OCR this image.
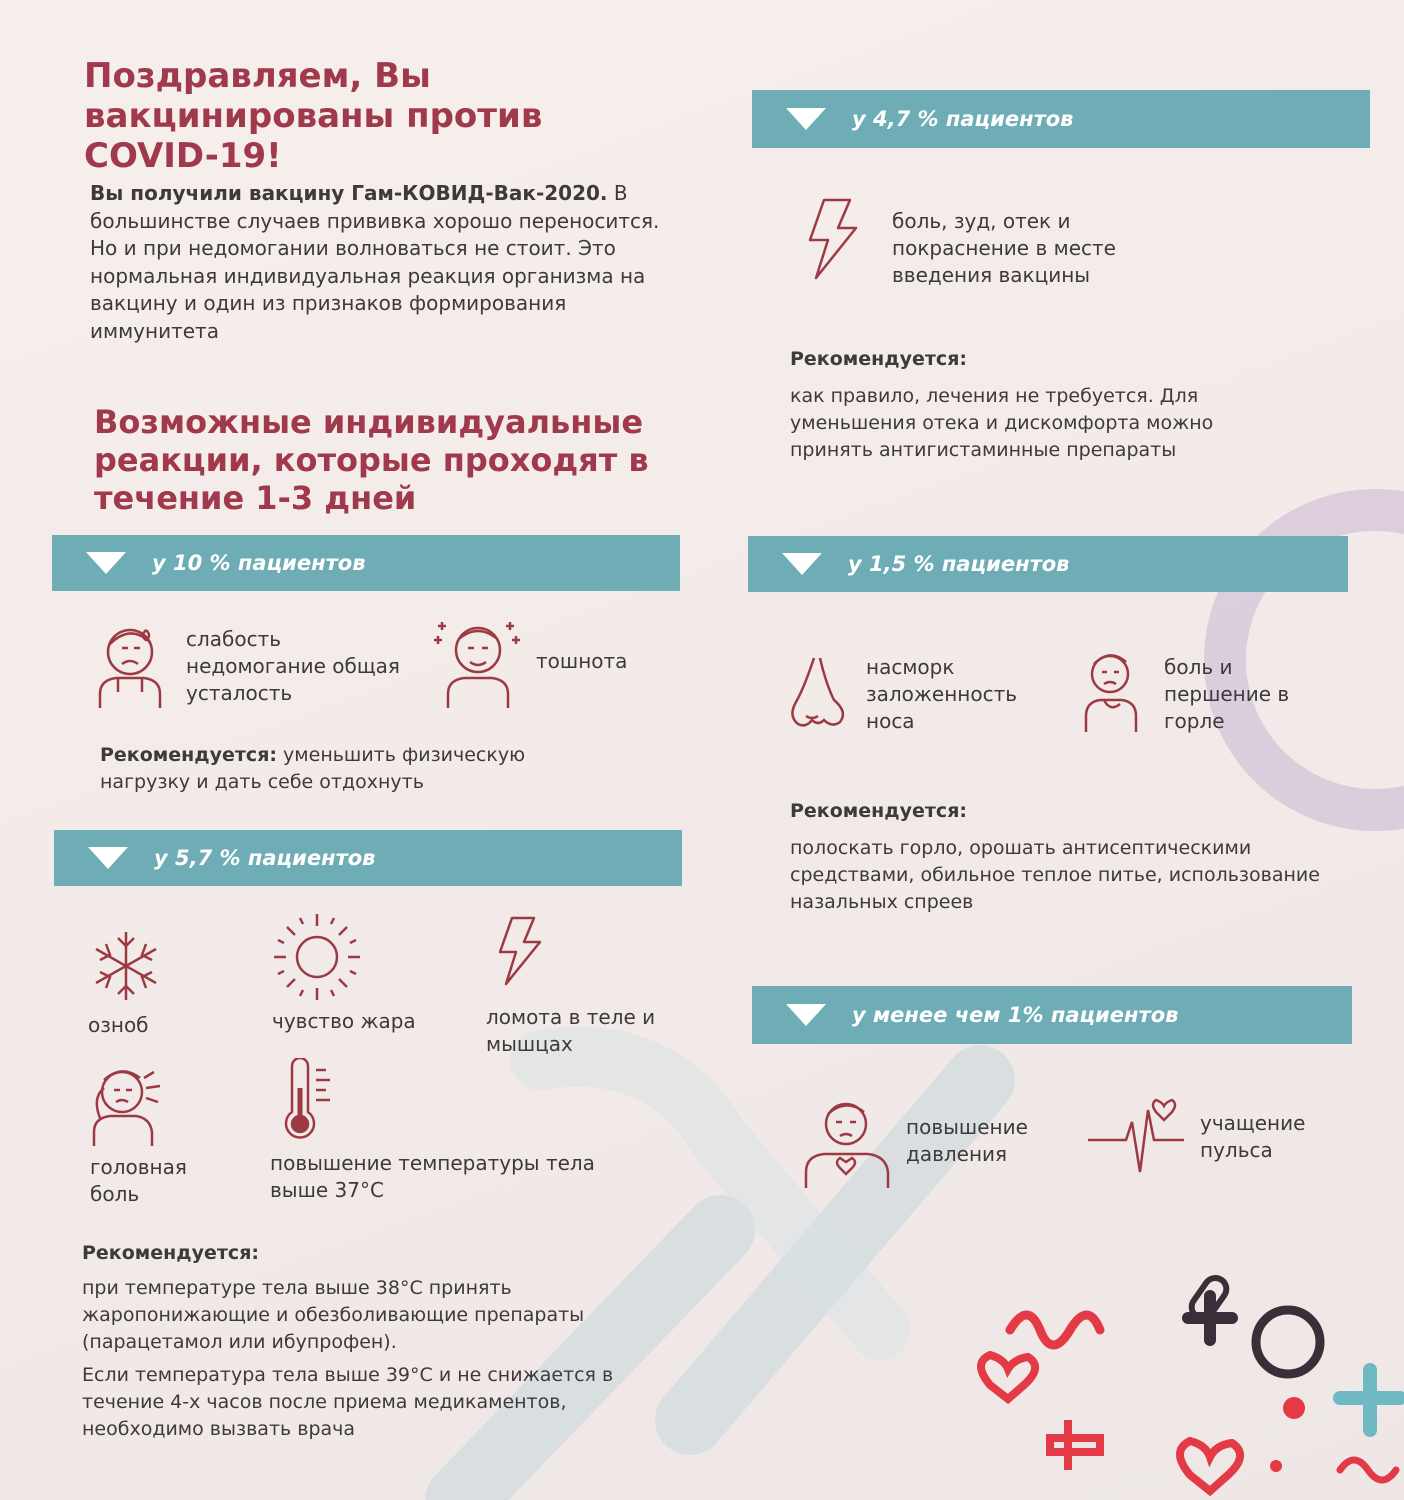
Поздравляем, Вы вакцинированы против COVID-19!
Вы получили вакцину Гам-КОВИД-Вак-2020. В большинстве случаев прививка хорошо переносится. Но и при недомогании волноваться не стоит. Это нормальная индивидуальная реакция организма на вакцину и один из признаков формирования иммунитета
Возможные индивидуальные реакции, которые проходят в течение 1-3 дней
у 10 % пациентов
слабость недомогание общая усталость
тошнота
Рекомендуется: уменьшить физическую нагрузку и дать себе отдохнуть
у 5,7 % пациентов
озноб	чувство жара	ломота в теле и мышцах
головная боль
повышение температуры тела выше 37°C
Рекомендуется:
при температуре тела выше 38°C принять жаропонижающие и обезболивающие препараты (парацетамол или ибупрофен).
Если температура тела выше 39°C и не снижается в течение 4-х часов после приема медикаментов, необходимо вызвать врача
у 4,7 % пациентов
боль, зуд, отек и покраснение в месте введения вакцины
Рекомендуется:
как правило, лечения не требуется. Для уменьшения отека и дискомфорта можно принять антигистаминные препараты
у 1,5 % пациентов
насморк заложенность носа
боль и першение в горле
Рекомендуется:
полоскать горло, орошать антисептическими средствами, обильное теплое питье, использование назальных спреев
у менее чем 1% пациентов
повышение давления
учащение пульса
